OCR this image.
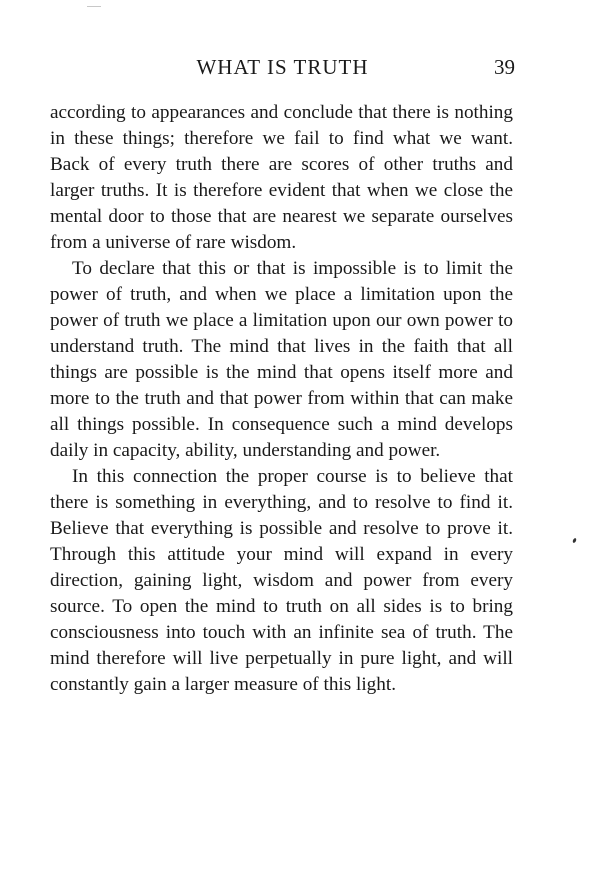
WHAT IS TRUTH	39

according to appearances and conclude that there is nothing in these things; therefore we fail to find what we want. Back of every truth there are scores of other truths and larger truths. It is therefore evident that when we close the mental door to those that are nearest we separate ourselves from a universe of rare wisdom.

To declare that this or that is impossible is to limit the power of truth, and when we place a limitation upon the power of truth we place a limitation upon our own power to understand truth. The mind that lives in the faith that all things are possible is the mind that opens itself more and more to the truth and that power from within that can make all things possible. In consequence such a mind develops daily in capacity, ability, understanding and power.

In this connection the proper course is to believe that there is something in everything, and to resolve to find it. Believe that everything is possible and resolve to prove it. Through this attitude your mind will expand in every direction, gaining light, wisdom and power from every source. To open the mind to truth on all sides is to bring consciousness into touch with an infinite sea of truth. The mind therefore will live perpetually in pure light, and will constantly gain a larger measure of this light.
